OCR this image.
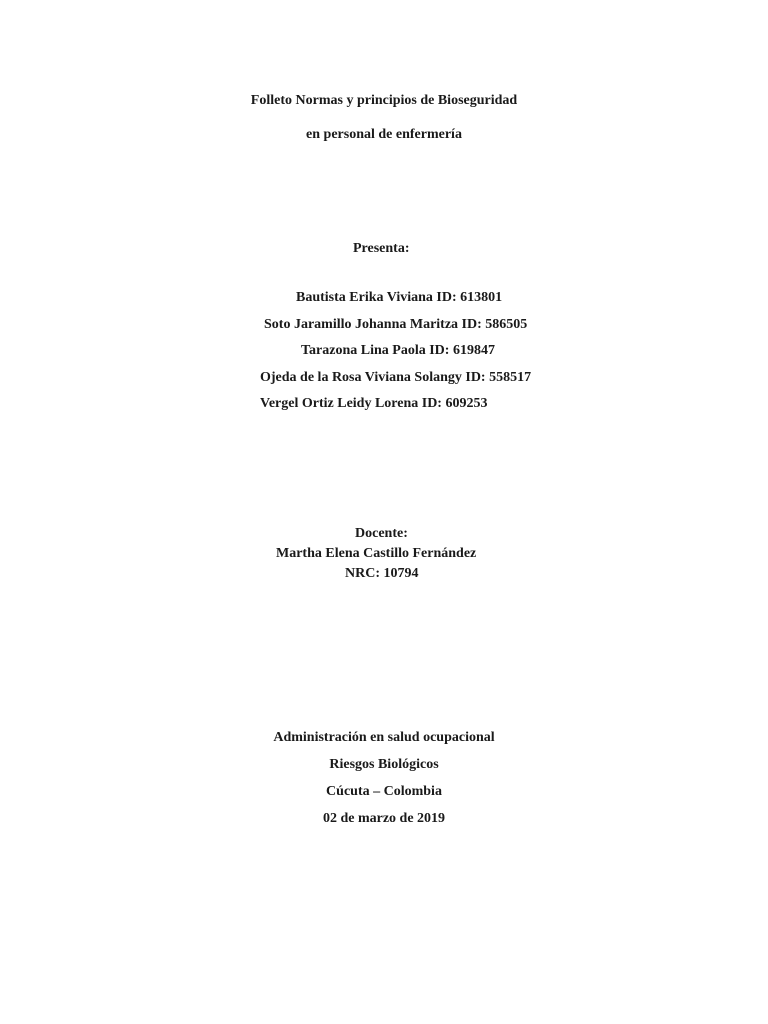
Folleto Normas y principios de Bioseguridad
en personal de enfermería
Presenta:
Bautista Erika Viviana ID: 613801
Soto Jaramillo Johanna Maritza ID: 586505
Tarazona Lina Paola ID: 619847
Ojeda de la Rosa Viviana Solangy ID: 558517
Vergel Ortiz Leidy Lorena ID: 609253
Docente:
Martha Elena Castillo Fernández
NRC: 10794
Administración en salud ocupacional
Riesgos Biológicos
Cúcuta – Colombia
02 de marzo de 2019
